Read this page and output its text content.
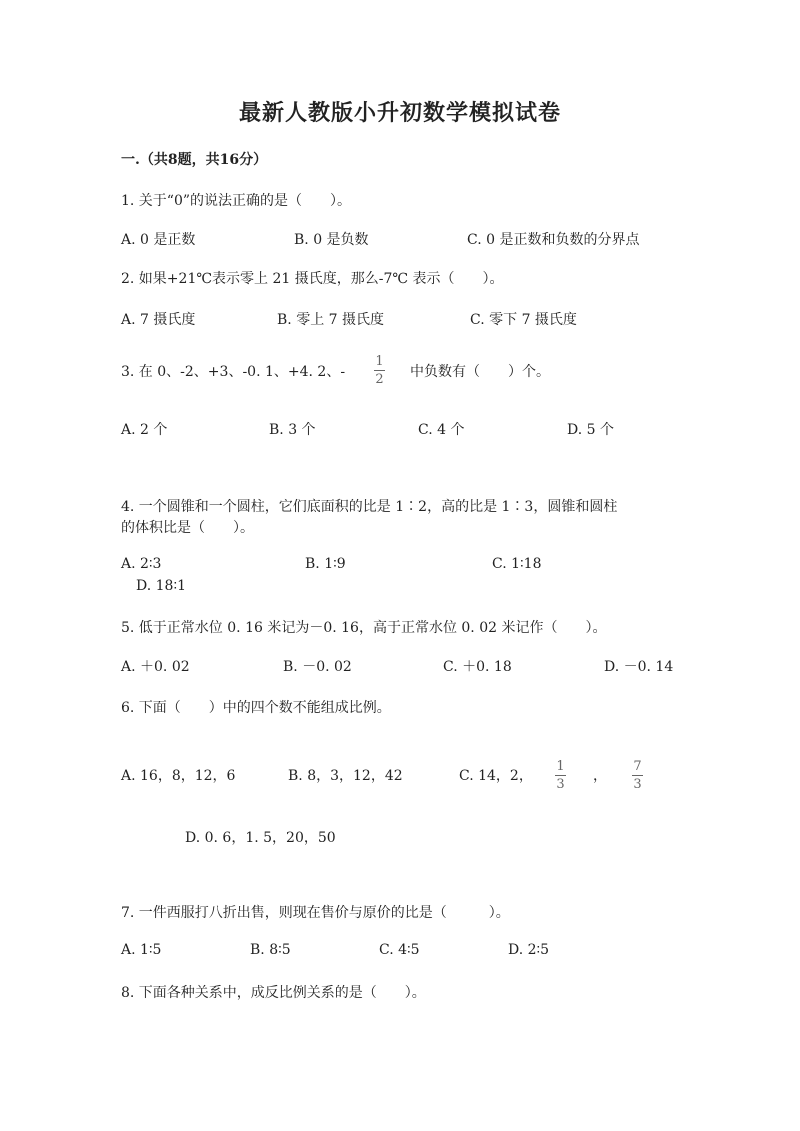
最新人教版小升初数学模拟试卷
一.（共8题，共16分）
1. 关于“0”的说法正确的是（　　）。
A. 0 是正数	B. 0 是负数	C. 0 是正数和负数的分界点
2. 如果+21℃表示零上 21 摄氏度，那么-7℃ 表示（　　）。
A. 7 摄氏度	B. 零上 7 摄氏度	C. 零下 7 摄氏度
3. 在 0、-2、+3、-0. 1、+4. 2、-
1
2 中负数有（　　）个。
A. 2 个	B. 3 个	C. 4 个	D. 5 个
4. 一个圆锥和一个圆柱，它们底面积的比是 1∶2，高的比是 1∶3，圆锥和圆柱
的体积比是（　　）。
A. 2∶3	B. 1∶9	C. 1∶18
D. 18∶1
5. 低于正常水位 0. 16 米记为－0. 16，高于正常水位 0. 02 米记作（　　）。
A. ＋0. 02	B. －0. 02	C. ＋0. 18	D. －0. 14
6. 下面（　　）中的四个数不能组成比例。
A. 16，8，12，6	B. 8，3，12，42	C. 14，2，
1
3
，
7
3
D. 0. 6，1. 5，20，50
7. 一件西服打八折出售，则现在售价与原价的比是（　　　）。
A. 1∶5	B. 8∶5	C. 4∶5	D. 2∶5
8. 下面各种关系中，成反比例关系的是（　　）。
